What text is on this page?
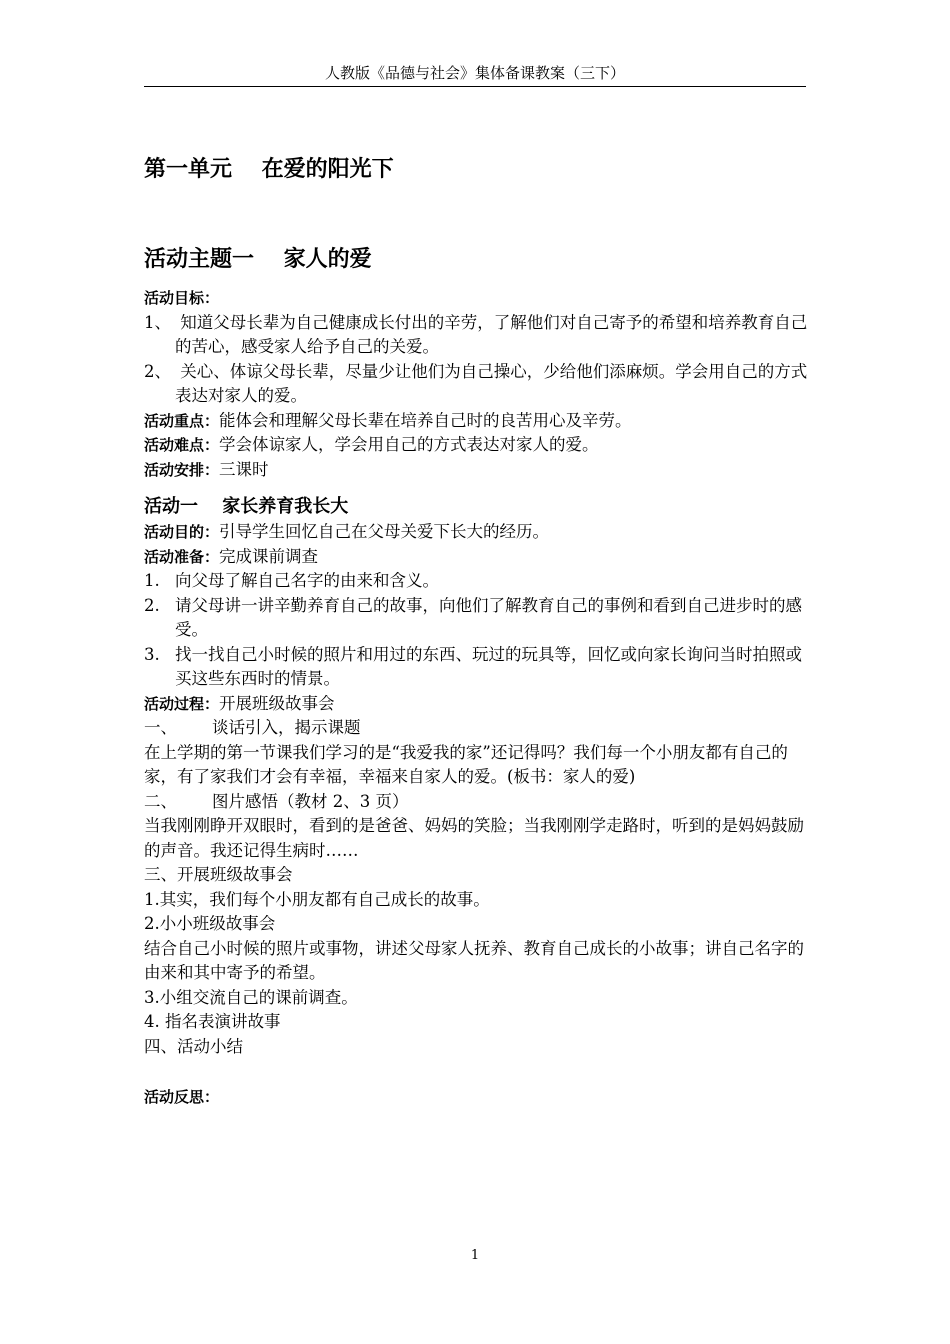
人教版《品德与社会》集体备课教案（三下）
第一单元　 在爱的阳光下
活动主题一　 家人的爱

活动目标：

1、 知道父母长辈为自己健康成长付出的辛劳，了解他们对自己寄予的希望和培养教育自己的苦心，感受家人给予自己的关爱。

2、 关心、体谅父母长辈，尽量少让他们为自己操心，少给他们添麻烦。学会用自己的方式表达对家人的爱。

活动重点：能体会和理解父母长辈在培养自己时的良苦用心及辛劳。

活动难点：学会体谅家人，学会用自己的方式表达对家人的爱。

活动安排：三课时

活动一　 家长养育我长大

活动目的：引导学生回忆自己在父母关爱下长大的经历。

活动准备：完成课前调查

1. 向父母了解自己名字的由来和含义。

2. 请父母讲一讲辛勤养育自己的故事，向他们了解教育自己的事例和看到自己进步时的感受。

3. 找一找自己小时候的照片和用过的东西、玩过的玩具等，回忆或向家长询问当时拍照或买这些东西时的情景。

活动过程：开展班级故事会

一、 谈话引入，揭示课题

在上学期的第一节课我们学习的是“我爱我的家”还记得吗？我们每一个小朋友都有自己的家，有了家我们才会有幸福，幸福来自家人的爱。(板书：家人的爱)

二、 图片感悟（教材 2、3 页）

当我刚刚睁开双眼时，看到的是爸爸、妈妈的笑脸；当我刚刚学走路时，听到的是妈妈鼓励的声音。我还记得生病时……

三、开展班级故事会

1.其实，我们每个小朋友都有自己成长的故事。

2.小小班级故事会

结合自己小时候的照片或事物，讲述父母家人抚养、教育自己成长的小故事；讲自己名字的由来和其中寄予的希望。

3.小组交流自己的课前调查。

4. 指名表演讲故事

四、活动小结

活动反思：

1
